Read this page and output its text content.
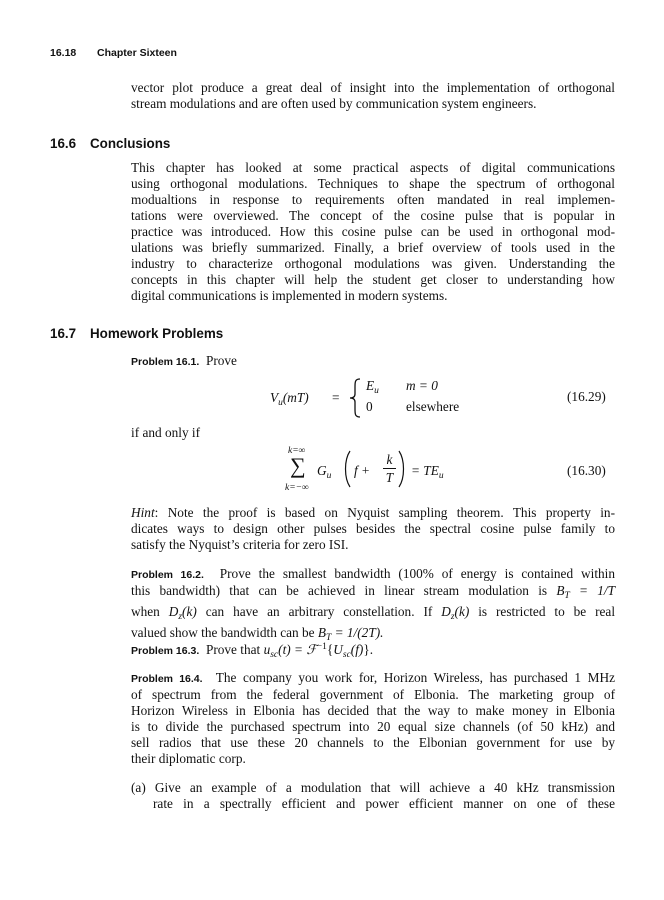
16.18 Chapter Sixteen
vector plot produce a great deal of insight into the implementation of orthogonal
stream modulations and are often used by communication system engineers.
16.6 Conclusions
This chapter has looked at some practical aspects of digital communications
using orthogonal modulations. Techniques to shape the spectrum of orthogonal
modualtions in response to requirements often mandated in real implemen-
tations were overviewed. The concept of the cosine pulse that is popular in
practice was introduced. How this cosine pulse can be used in orthogonal mod-
ulations was briefly summarized. Finally, a brief overview of tools used in the
industry to characterize orthogonal modulations was given. Understanding the
concepts in this chapter will help the student get closer to understanding how
digital communications is implemented in modern systems.
16.7 Homework Problems
Problem 16.1. Prove
$V_u(mT)$ =
$E_u$ m = 0
0	elsewhere
(16.29)
if and only if
k=∞
∑
k=−∞
$G_u$ f +
k
$T = TE_u$	(16.30)
Hint: Note the proof is based on Nyquist sampling theorem. This property in-
dicates ways to design other pulses besides the spectral cosine pulse family to
satisfy the Nyquist’s criteria for zero ISI.
Problem 16.2. Prove the smallest bandwidth (100% of energy is contained within
this bandwidth) that can be achieved in linear stream modulation is $B_T = 1/T$
when $D_z(k)$ can have an arbitrary constellation. If $D_z(k)$ is restricted to be real
valued show the bandwidth can be $B_T = 1/(2T)$.
Problem 16.3. Prove that $u_{sc}(t)$ = $ℱ^{-1}\{U_{sc}(f)\}$.
Problem 16.4. The company you work for, Horizon Wireless, has purchased 1 MHz
of spectrum from the federal government of Elbonia. The marketing group of
Horizon Wireless in Elbonia has decided that the way to make money in Elbonia
is to divide the purchased spectrum into 20 equal size channels (of 50 kHz) and
sell radios that use these 20 channels to the Elbonian government for use by
their diplomatic corp.
(a) Give an example of a modulation that will achieve a 40 kHz transmission
rate in a spectrally efficient and power efficient manner on one of these
